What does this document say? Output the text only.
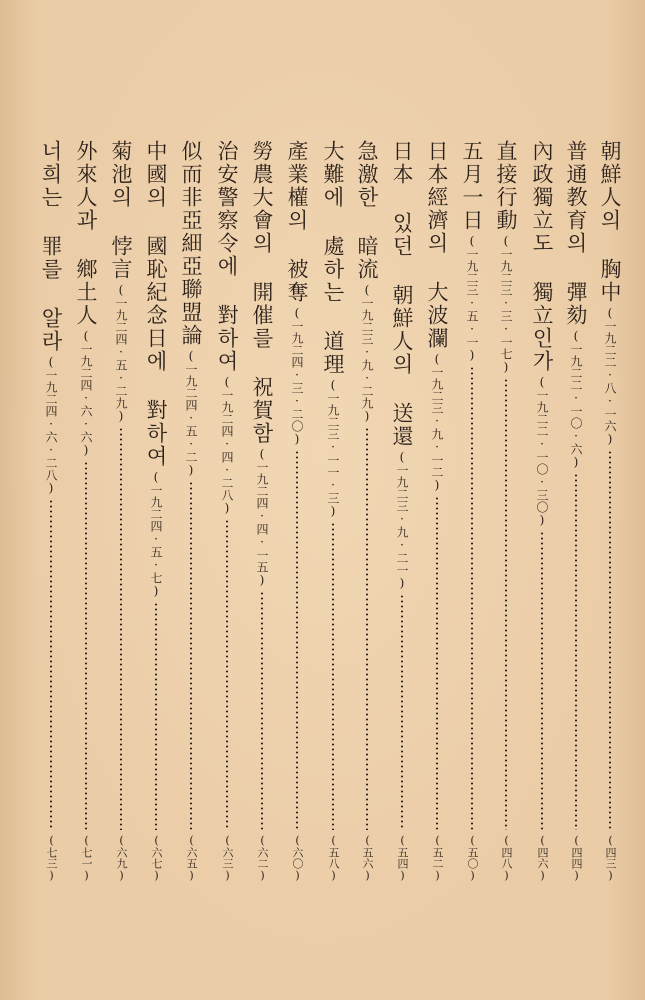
朝鮮人의 胸中
(一九二二·八·一六)
(四三)
普通教育의 彈劾
(一九二二·一〇·六)
(四四)
內政獨立도 獨立인가
(一九二二·一〇·三〇)
(四六)
直接行動
(一九二三·三·一七)
(四八)
五月一日
(一九二三·五·一)
(五〇)
日本經濟의 大波瀾
(一九二三·九·一二)
(五二)
日本 있던 朝鮮人의 送還
(一九二三·九·二一)
(五四)
急激한 暗流
(一九二三·九·二九)
(五六)
大難에 處하는 道理
(一九二三·一一·三)
(五八)
產業權의 被奪
(一九二四·三·二〇)
(六〇)
勞農大會의 開催를 祝賀함
(一九二四·四·一五)
(六二)
治安警察令에 對하여
(一九二四·四·二八)
(六三)
似而非亞細亞聯盟論
(一九二四·五·二)
(六五)
中國의 國恥紀念日에 對하여
(一九二四·五·七)
(六七)
菊池의 悖言
(一九二四·五·二九)
(六九)
外來人과 鄉土人
(一九二四·六·六)
(七一)
너희는 罪를 알라
(一九二四·六·二八)
(七三)
